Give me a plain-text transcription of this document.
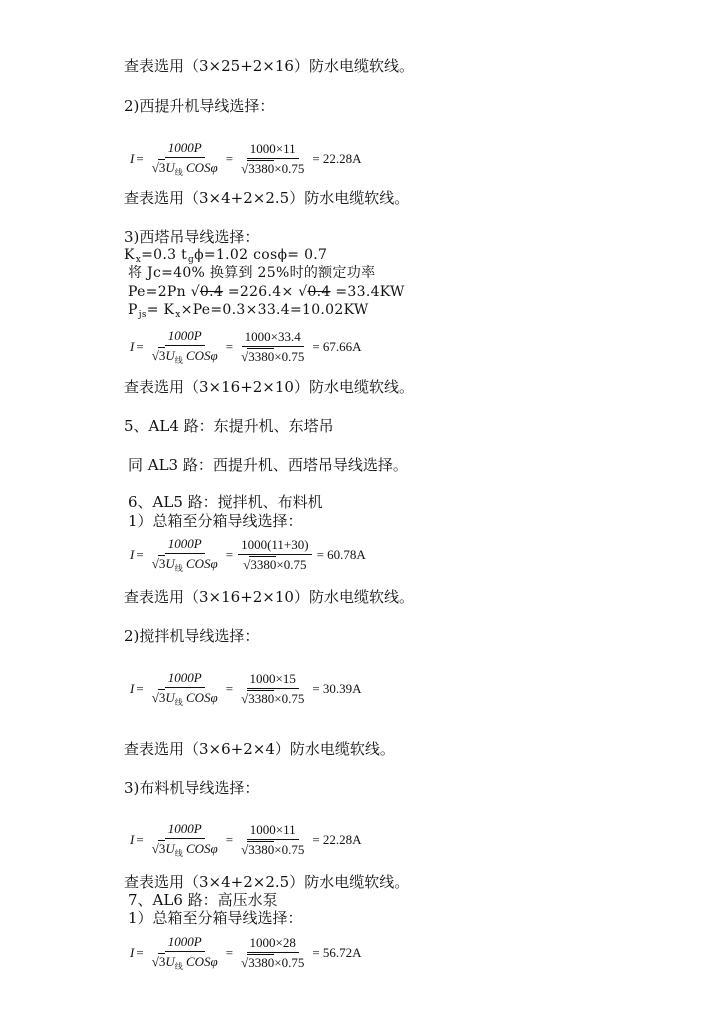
查表选用（3×25+2×16）防水电缆软线。
2)西提升机导线选择：
$I = \frac{1000P}{√3U_线 COS\varphi} = \frac{1000\times 11}{√3380\times 0.75} = 22.28A$
查表选用（3×4+2×2.5）防水电缆软线。
3)西塔吊导线选择：
$K_x=0.3$ $t_g\phi=1.02$ cosϕ= 0.7
将 Jc=40% 换算到 25%时的额定功率
Pe=2Pn √0.4 =226.4× √0.4 =33.4KW
$P_{js}= K_x\times Pe=0.3\times 33.4=10.02KW$
$I = \frac{1000P}{√3U_线 COS\varphi} = \frac{1000\times 33.4}{√3380\times 0.75} = 67.66A$
查表选用（3×16+2×10）防水电缆软线。
5、AL4 路：东提升机、东塔吊
同 AL3 路：西提升机、西塔吊导线选择。
6、AL5 路：搅拌机、布料机
1）总箱至分箱导线选择：
$I = \frac{1000P}{√3U_线 COS\varphi} = \frac{1000(11+30)}{√3380\times 0.75} = 60.78A$
查表选用（3×16+2×10）防水电缆软线。
2)搅拌机导线选择：
$I = \frac{1000P}{√3U_线 COS\varphi} = \frac{1000\times 15}{√3380\times 0.75} = 30.39A$
查表选用（3×6+2×4）防水电缆软线。
3)布料机导线选择：
$I = \frac{1000P}{√3U_线 COS\varphi} = \frac{1000\times 11}{√3380\times 0.75} = 22.28A$
查表选用（3×4+2×2.5）防水电缆软线。
7、AL6 路：高压水泵
1）总箱至分箱导线选择：
$I = \frac{1000P}{√3U_线 COS\varphi} = \frac{1000\times 28}{√3380\times 0.75} = 56.72A$
